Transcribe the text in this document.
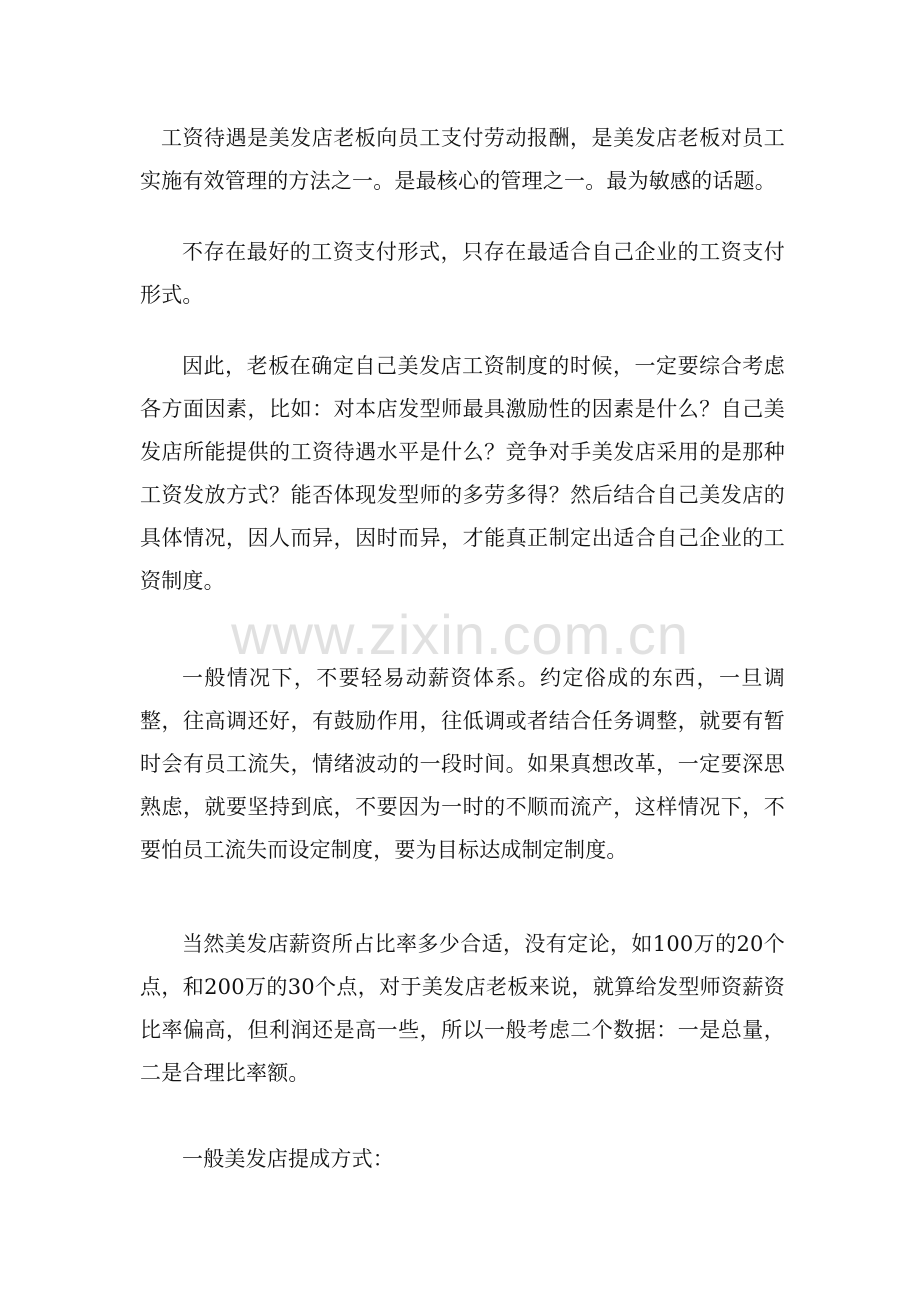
工资待遇是美发店老板向员工支付劳动报酬，是美发店老板对员工实施有效管理的方法之一。是最核心的管理之一。最为敏感的话题。

不存在最好的工资支付形式，只存在最适合自己企业的工资支付形式。

因此，老板在确定自己美发店工资制度的时候，一定要综合考虑各方面因素，比如：对本店发型师最具激励性的因素是什么？自己美发店所能提供的工资待遇水平是什么？竞争对手美发店采用的是那种工资发放方式？能否体现发型师的多劳多得？然后结合自己美发店的具体情况，因人而异，因时而异，才能真正制定出适合自己企业的工资制度。

一般情况下，不要轻易动薪资体系。约定俗成的东西，一旦调整，往高调还好，有鼓励作用，往低调或者结合任务调整，就要有暂时会有员工流失，情绪波动的一段时间。如果真想改革，一定要深思熟虑，就要坚持到底，不要因为一时的不顺而流产，这样情况下，不要怕员工流失而设定制度，要为目标达成制定制度。

当然美发店薪资所占比率多少合适，没有定论，如100万的20个点，和200万的30个点，对于美发店老板来说，就算给发型师资薪资比率偏高，但利润还是高一些，所以一般考虑二个数据：一是总量，二是合理比率额。

一般美发店提成方式：

www.zixin.com.cn
